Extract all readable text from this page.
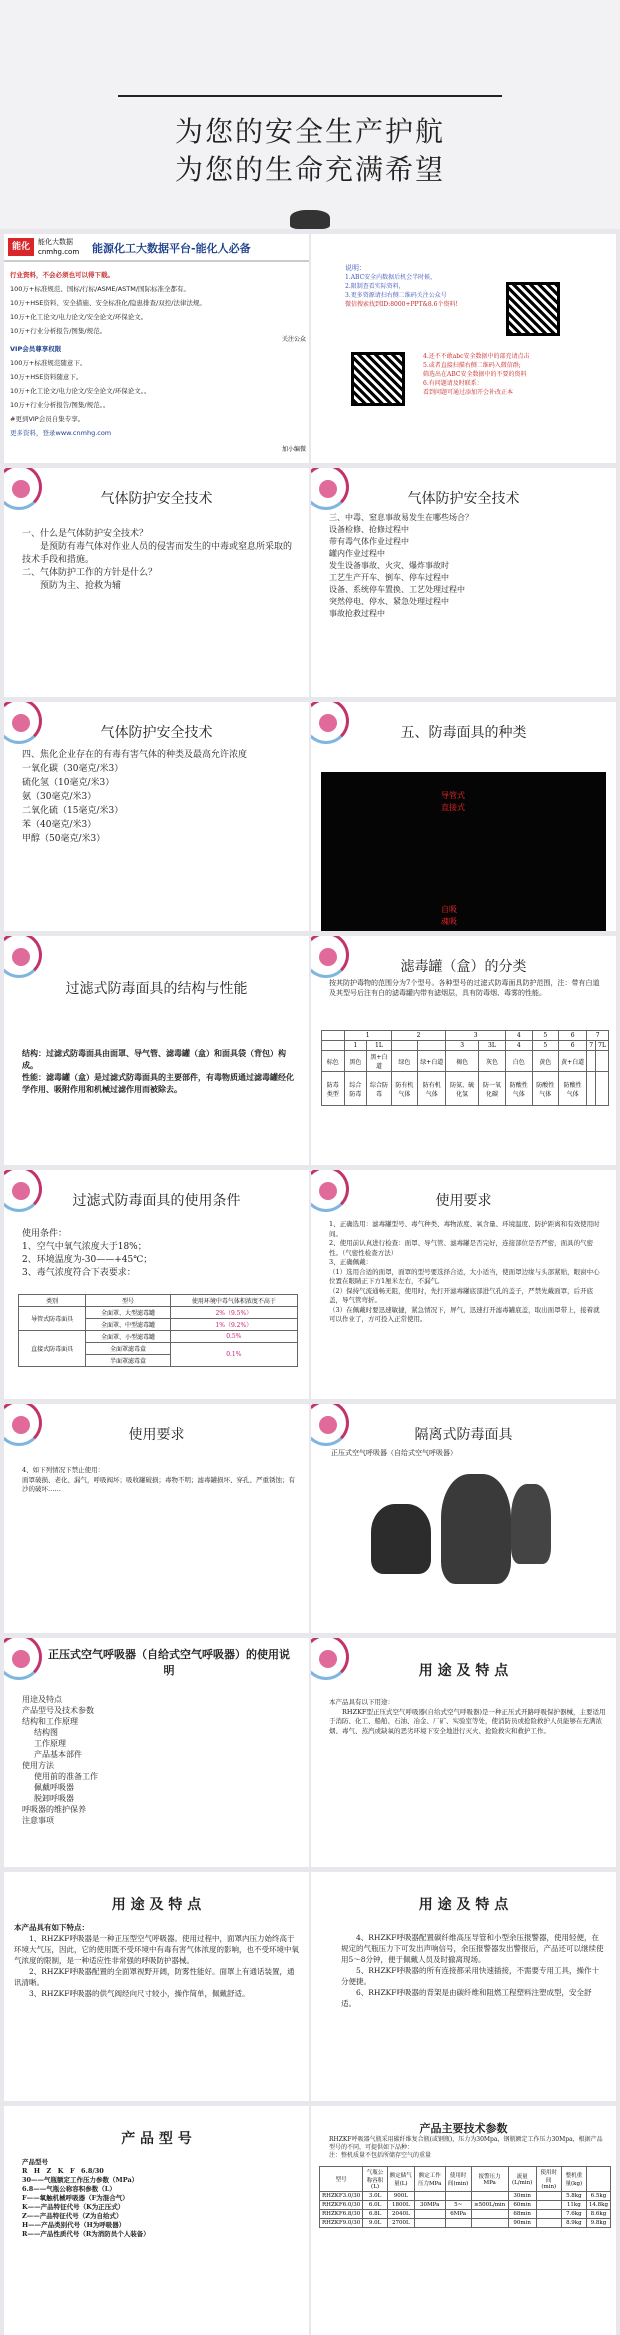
为您的安全生产护航
为您的生命充满希望
能化	能化大数据
cnmhg.com 能源化工大数据平台-能化人必备
行业资料，不会必须也可以得下载。
100万+标准规范、国标/行标/ASME/ASTM/国际标准全都有。
10万+HSE资料、安全措施、安全标准化/隐患排查/双控/法律法规。
10万+化工论文/电力论文/安全论文/环保论文。
10万+行业分析报告/图集/规范。
VIP会员尊享权限
100万+标准规范随意下。
10万+HSE资料随意下。
10万+化工论文/电力论文/安全论文/环保论文。。
10万+行业分析报告/图集/规范。。
#更到VIP会员自集专享。
更多资料，登录www.cnmhg.com
关注公众
加小编微
说明：
1.ABC安全内数据后机会半时候，
2.限制查看实际资料，
3.更多资源请扫右侧二维码关注公众号
微信搜索找到ID:8000+PPT&8.6个资料!
4.还不不敢abc安全数据中的部充请点击
5.或者直接扫描右侧二维码入微信群;
筛选出在ABC安全数据中的不要的资料
6.有问题请及时联系：
看到问题可通过添加开会补改正本
气体防护安全技术

一、什么是气体防护安全技术？

是预防有毒气体对作业人员的侵害而发生的中毒或窒息所采取的技术手段和措施。

二、气体防护工作的方针是什么？

预防为主、抢救为辅

气体防护安全技术

三、中毒、窒息事故易发生在哪些场合？

设备检修、抢修过程中

带有毒气体作业过程中

罐内作业过程中

发生设备事故、火灾、爆炸事故时

工艺生产开车、倒车、停车过程中

设备、系统停车置换、工艺处理过程中

突然停电、停水、紧急处理过程中

事故抢救过程中

气体防护安全技术

四、焦化企业存在的有毒有害气体的种类及最高允许浓度

一氧化碳（30毫克/米3）

硫化氢（10毫克/米3）

氨（30毫克/米3）

二氧化硫（15毫克/米3）

苯（40毫克/米3）

甲醇（50毫克/米3）

五、防毒面具的种类
导管式
直接式
自吸
魂吸
过滤式防毒面具的结构与性能

结构：过滤式防毒面具由面罩、导气管、滤毒罐（盒）和面具袋（背包）构成。

性能：滤毒罐（盒）是过滤式防毒面具的主要部件，有毒物质通过滤毒罐经化学作用、吸附作用和机械过滤作用而被除去。

滤毒罐（盒）的分类
按其防护毒物的范围分为7个型号。各种型号的过滤式防毒面具防护范围，注：带有白道及其型号后注有白的滤毒罐内带有滤烟层，具有防毒烟、毒雾的性能。
	1		2		3		4	5	6	7	
	1	1L			3	3L	4	5	6	7	7L
标色	黑色	黑+白道	绿色	绿+白道	褐色	灰色	白色	黄色	黄+白道		
防毒类型	综合防毒	综合防毒	防有机气体	防有机气体	防氨、硫化氢	防一氧化碳	防酸性气体	防酸性气体	防酸性气体		
过滤式防毒面具的使用条件

使用条件：

1、空气中氧气浓度大于18%；

2、环境温度为-30——+45℃；

3、毒气浓度符合下表要求：

类别	型号	使用环境中毒气体积浓度不高于
导管式防毒面具	全面罩、大型滤毒罐	2%（9.5%）
	全面罩、中型滤毒罐	1%（9.2%）
直接式防毒面具	全面罩、小型滤毒罐	0.5%
	全面罩滤毒盒	0.1%
	半面罩滤毒盒	
使用要求

1、正确选用：滤毒罐型号、毒气种类、毒物浓度、氧含量、环境温度、防护距离和有效使用时间。

2、使用前认真进行检查：面罩、导气管、滤毒罐是否完好，连接部位是否严密，面具的气密性。（气密性检查方法）

3、正确佩戴：

（1）选用合适的面罩，面罩的型号要选择合适，大小适当，使面罩边缘与头部紧贴，眼窗中心位置在眼睛正下方1厘米左右，不漏气。

（2）保持气流通畅无阻，使用时，先打开滤毒罐底部进气孔的盖子，严禁先戴面罩，后开底盖，导气管弯折。

（3）在佩戴时要迅速敏捷，紧急情况下，屏气，迅速打开滤毒罐底盖，取出面罩带上，接着就可以作业了，方可投入正常使用。

使用要求

4、如下列情况下禁止使用：

面罩破损、老化、漏气，呼吸阀坏；吸收罐破损；毒物不明；滤毒罐损坏、穿孔、严重锈蚀；有沙的破坏……

隔离式防毒面具
正压式空气呼吸器（自给式空气呼吸器）
正压式空气呼吸器（自给式空气呼吸器）的使用说明

用途及特点

产品型号及技术参数

结构和工作原理

结构图

工作原理

产品基本部件

使用方法

使用前的准备工作

佩戴呼吸器

脱卸呼吸器

呼吸器的维护保养

注意事项

用 途 及 特 点

本产品具有以下用途：

RHZKF型正压式空气呼吸器(自给式空气呼吸器)是一种正压式开路呼吸保护器械，主要适用于消防、化工、船舶、石油、冶金、厂矿、实验室等处，使消防员或抢险救护人员能够在充满浓烟、毒气、蒸汽或缺氧的恶劣环境下安全地进行灭火、抢险救灾和救护工作。

用 途 及 特 点

本产品具有如下特点：

1、RHZKF呼吸器是一种正压型空气呼吸器。使用过程中，面罩内压力始终高于环境大气压，因此，它的使用既不受环境中有毒有害气体浓度的影响，也不受环境中氧气浓度的限制，是一种适应性非常强的呼吸防护器械。

2、RHZKF呼吸器配置的全面罩视野开阔，防雾性能好。面罩上有通话装置，通讯清晰。

3、RHZKF呼吸器的供气阀经向尺寸较小，操作简单，佩戴舒适。

用 途 及 特 点

4、RHZKF呼吸器配置碳纤维高压导管和小型余压报警器，使用轻便，在规定的气瓶压力下可发出声响信号，余压报警器发出警报后，产品还可以继续使用5～8分钟，便于佩戴人员及时撤离现场。

5、RHZKF呼吸器的所有连接都采用快速插接，不需要专用工具，操作十分便捷。

6、RHZKF呼吸器的背架是由碳纤维和阻燃工程塑料注塑成型，安全舒适。

产 品 型 号

产品型号

R　H　Z　K　F　6.8/30

30——气瓶额定工作压力参数（MPa）

6.8——气瓶公称容积参数（L）

F——氧触机械呼吸器（F为混合气）

K——产品特征代号（K为正压式）

Z——产品特征代号（Z为自给式）

H——产品类别代号（H为呼吸器）

R——产品性质代号（R为消防员个人装备）

产品主要技术参数

RHZKF呼吸器气瓶采用碳纤维复合瓶(或钢瓶)，压力为30Mpa，钢瓶额定工作压力30Mpa，根据产品型号的不同，可提供如下品种：

注：整机质量不包括所储存空气的重量

型号	气瓶公称容积(L)	额定储气量(L)	额定工作压力MPa	使用时间(min)	报警压力MPa	流量(L/min)	使用时间(min)	整机重量(kg)	
RHZKF3.0/30	3.0L	900L				30min		5.8kg	6.5kg
RHZKF6.0/30	6.0L	1800L	30MPa	5~	≥500L/min	60min		11kg	14.8kg
RHZKF6.8/30	6.8L	2040L		6MPa		68min		7.6kg	8.6kg
RHZKF9.0/30	9.0L	2700L				90min		8.9kg	9.8kg
